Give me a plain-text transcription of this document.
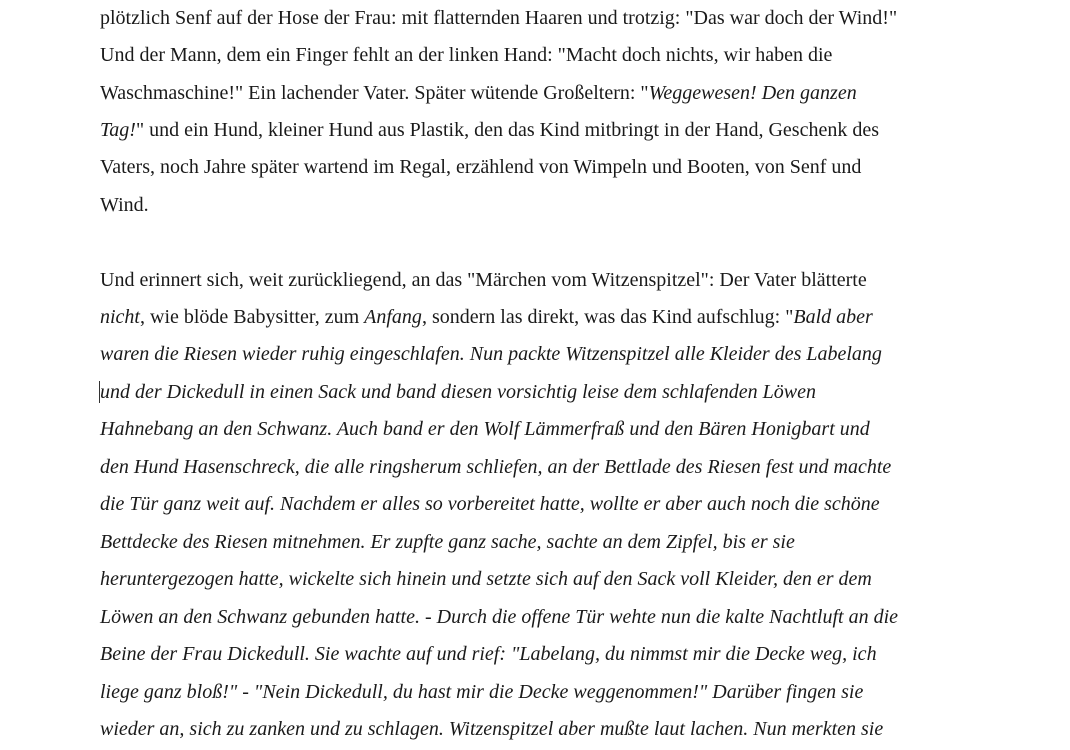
plötzlich Senf auf der Hose der Frau: mit flatternden Haaren und trotzig: "Das war doch der Wind!"
Und der Mann, dem ein Finger fehlt an der linken Hand: "Macht doch nichts, wir haben die
Waschmaschine!" Ein lachender Vater. Später wütende Großeltern: "Weggewesen! Den ganzen
Tag!" und ein Hund, kleiner Hund aus Plastik, den das Kind mitbringt in der Hand, Geschenk des
Vaters, noch Jahre später wartend im Regal, erzählend von Wimpeln und Booten, von Senf und
Wind.
Und erinnert sich, weit zurückliegend, an das "Märchen vom Witzenspitzel": Der Vater blätterte
nicht, wie blöde Babysitter, zum Anfang, sondern las direkt, was das Kind aufschlug: "Bald aber
waren die Riesen wieder ruhig eingeschlafen. Nun packte Witzenspitzel alle Kleider des Labelang
und der Dickedull in einen Sack und band diesen vorsichtig leise dem schlafenden Löwen
Hahnebang an den Schwanz. Auch band er den Wolf Lämmerfraß und den Bären Honigbart und
den Hund Hasenschreck, die alle ringsherum schliefen, an der Bettlade des Riesen fest und machte
die Tür ganz weit auf. Nachdem er alles so vorbereitet hatte, wollte er aber auch noch die schöne
Bettdecke des Riesen mitnehmen. Er zupfte ganz sache, sachte an dem Zipfel, bis er sie
heruntergezogen hatte, wickelte sich hinein und setzte sich auf den Sack voll Kleider, den er dem
Löwen an den Schwanz gebunden hatte. - Durch die offene Tür wehte nun die kalte Nachtluft an die
Beine der Frau Dickedull. Sie wachte auf und rief: "Labelang, du nimmst mir die Decke weg, ich
liege ganz bloß!" - "Nein Dickedull, du hast mir die Decke weggenommen!" Darüber fingen sie
wieder an, sich zu zanken und zu schlagen. Witzenspitzel aber mußte laut lachen. Nun merkten sie
